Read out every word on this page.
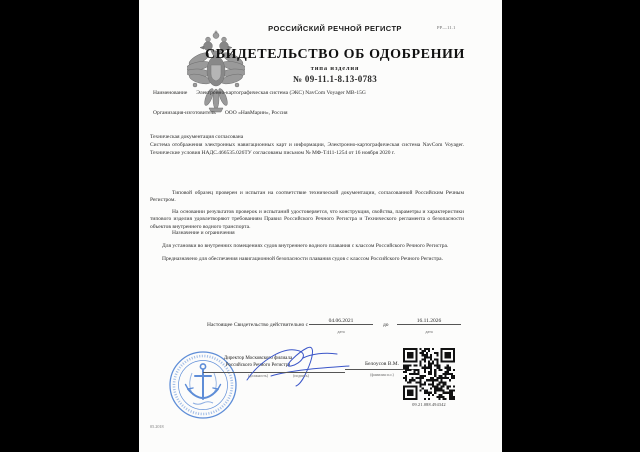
РР—11.1
РОССИЙСКИЙ РЕЧНОЙ РЕГИСТР
СВИДЕТЕЛЬСТВО ОБ ОДОБРЕНИИ
типа изделия
№ 09-11.1-8.13-0783
Наименование Электронно-картографическая система (ЭКС) NavCom Voyager MB-15G
Организация-изготовитель ООО «НавМарин», Россия
Техническая документация согласована
Система отображения электронных навигационных карт и информации, Электронно-картографическая система NavCom Voyager. Технические условия НАДС.466535.026ТУ согласованы письмом № МФ-Т411-1254 от 16 ноября 2020 г.
Типовой образец проверен и испытан на соответствие технической документации, согласованной Российским Речным Регистром.
На основании результатов проверок и испытаний удостоверяется, что конструкция, свойства, параметры и характеристики типового изделия удовлетворяют требованиям Правил Российского Речного Регистра и Технического регламента о безопасности объектов внутреннего водного транспорта.
Назначение и ограничения
Для установки во внутренних помещениях судов внутреннего водного плавания с классом Российского Речного Регистра.
Предназначено для обеспечения навигационной безопасности плавания судов с классом Российского Речного Регистра.
Настоящее Свидетельство действительно с
04.06.2021
дата
до
16.11.2026
дата
Директор Московского филиала
Российского Речного Регистра
(должность)	(подпись)
Белоусов В.М.
(фамилия и.о.)
09.21.088.494342
05.2018
